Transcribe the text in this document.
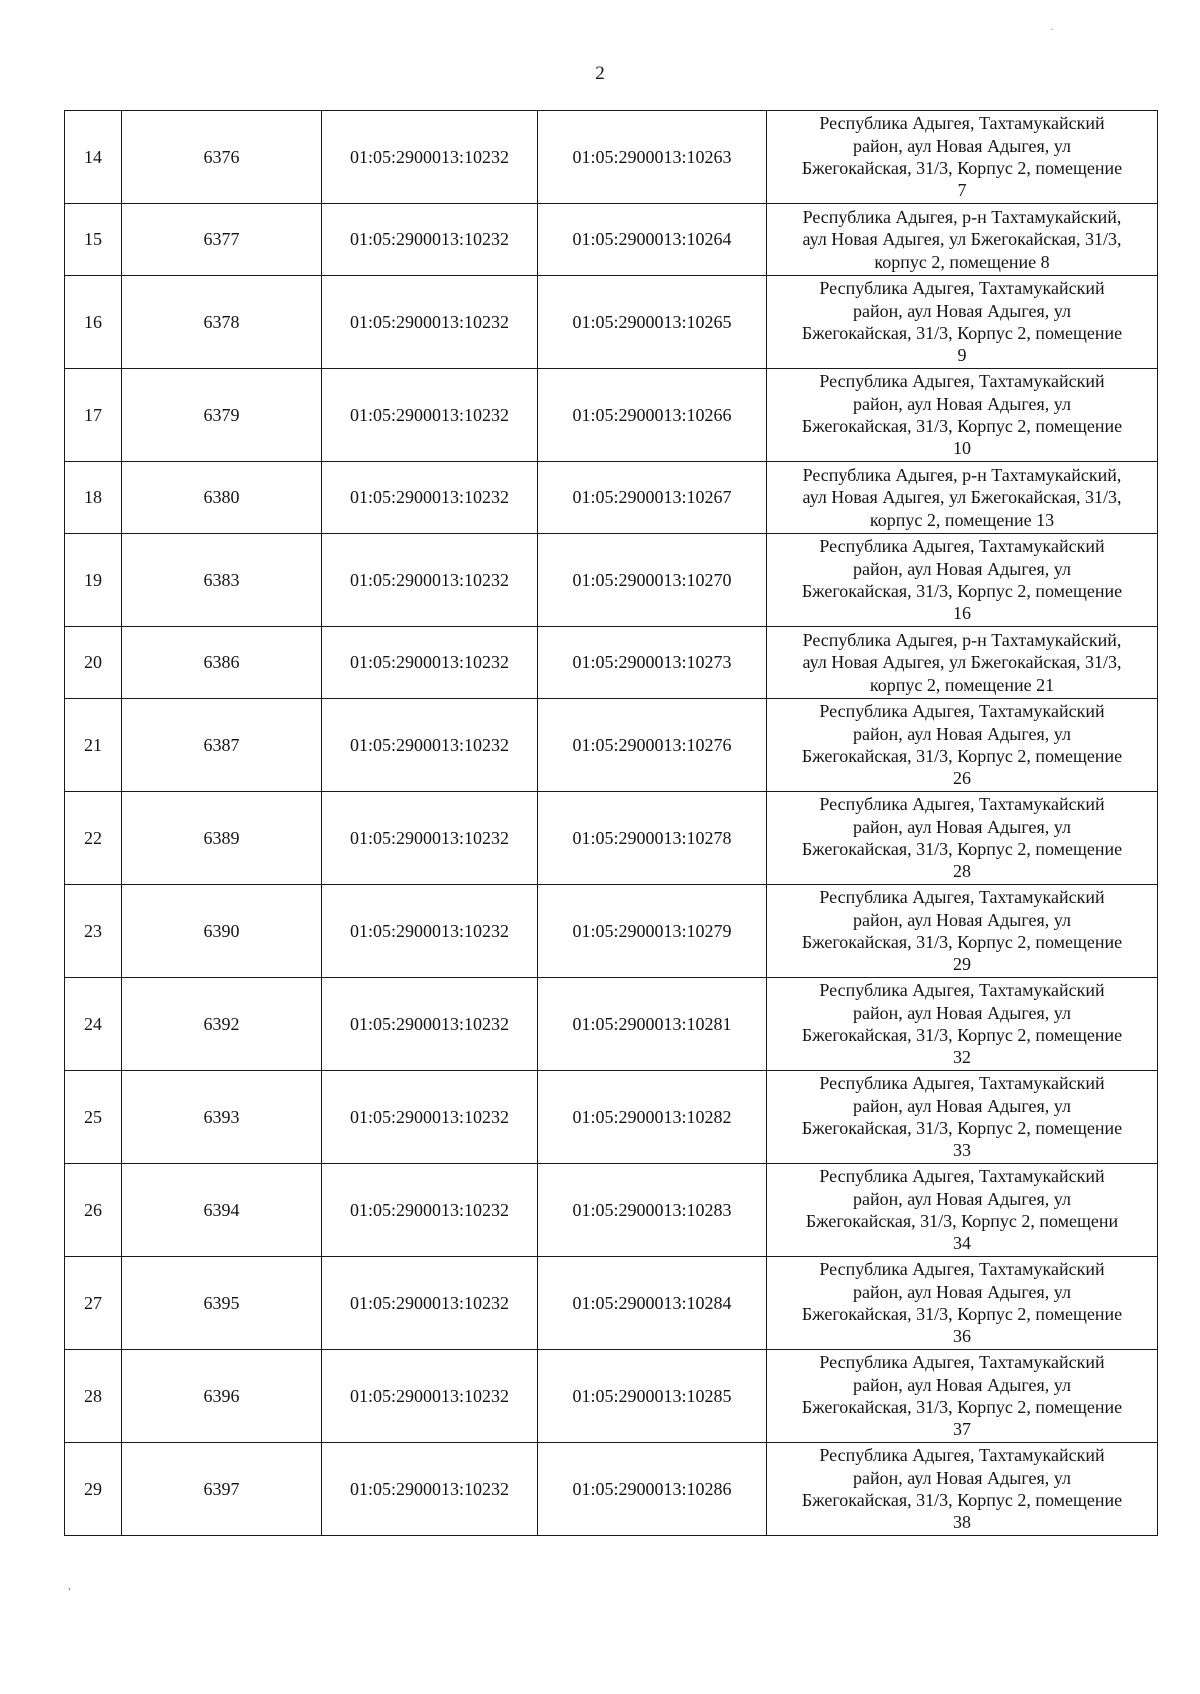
2
14	6376	01:05:2900013:10232	01:05:2900013:10263	Республика Адыгея, Тахтамукайский
район, аул Новая Адыгея, ул
Бжегокайская, 31/3, Корпус 2, помещение
7

15	6377	01:05:2900013:10232	01:05:2900013:10264	Республика Адыгея, р-н Тахтамукайский,
аул Новая Адыгея, ул Бжегокайская, 31/3,
корпус 2, помещение 8

16	6378	01:05:2900013:10232	01:05:2900013:10265	Республика Адыгея, Тахтамукайский
район, аул Новая Адыгея, ул
Бжегокайская, 31/3, Корпус 2, помещение
9

17	6379	01:05:2900013:10232	01:05:2900013:10266	Республика Адыгея, Тахтамукайский
район, аул Новая Адыгея, ул
Бжегокайская, 31/3, Корпус 2, помещение
10

18	6380	01:05:2900013:10232	01:05:2900013:10267	Республика Адыгея, р-н Тахтамукайский,
аул Новая Адыгея, ул Бжегокайская, 31/3,
корпус 2, помещение 13

19	6383	01:05:2900013:10232	01:05:2900013:10270	Республика Адыгея, Тахтамукайский
район, аул Новая Адыгея, ул
Бжегокайская, 31/3, Корпус 2, помещение
16

20	6386	01:05:2900013:10232	01:05:2900013:10273	Республика Адыгея, р-н Тахтамукайский,
аул Новая Адыгея, ул Бжегокайская, 31/3,
корпус 2, помещение 21

21	6387	01:05:2900013:10232	01:05:2900013:10276	Республика Адыгея, Тахтамукайский
район, аул Новая Адыгея, ул
Бжегокайская, 31/3, Корпус 2, помещение
26

22	6389	01:05:2900013:10232	01:05:2900013:10278	Республика Адыгея, Тахтамукайский
район, аул Новая Адыгея, ул
Бжегокайская, 31/3, Корпус 2, помещение
28

23	6390	01:05:2900013:10232	01:05:2900013:10279	Республика Адыгея, Тахтамукайский
район, аул Новая Адыгея, ул
Бжегокайская, 31/3, Корпус 2, помещение
29

24	6392	01:05:2900013:10232	01:05:2900013:10281	Республика Адыгея, Тахтамукайский
район, аул Новая Адыгея, ул
Бжегокайская, 31/3, Корпус 2, помещение
32

25	6393	01:05:2900013:10232	01:05:2900013:10282	Республика Адыгея, Тахтамукайский
район, аул Новая Адыгея, ул
Бжегокайская, 31/3, Корпус 2, помещение
33

26	6394	01:05:2900013:10232	01:05:2900013:10283	Республика Адыгея, Тахтамукайский
район, аул Новая Адыгея, ул
Бжегокайская, 31/3, Корпус 2, помещени
34

27	6395	01:05:2900013:10232	01:05:2900013:10284	Республика Адыгея, Тахтамукайский
район, аул Новая Адыгея, ул
Бжегокайская, 31/3, Корпус 2, помещение
36

28	6396	01:05:2900013:10232	01:05:2900013:10285	Республика Адыгея, Тахтамукайский
район, аул Новая Адыгея, ул
Бжегокайская, 31/3, Корпус 2, помещение
37

29	6397	01:05:2900013:10232	01:05:2900013:10286	Республика Адыгея, Тахтамукайский
район, аул Новая Адыгея, ул
Бжегокайская, 31/3, Корпус 2, помещение
38
·
,
